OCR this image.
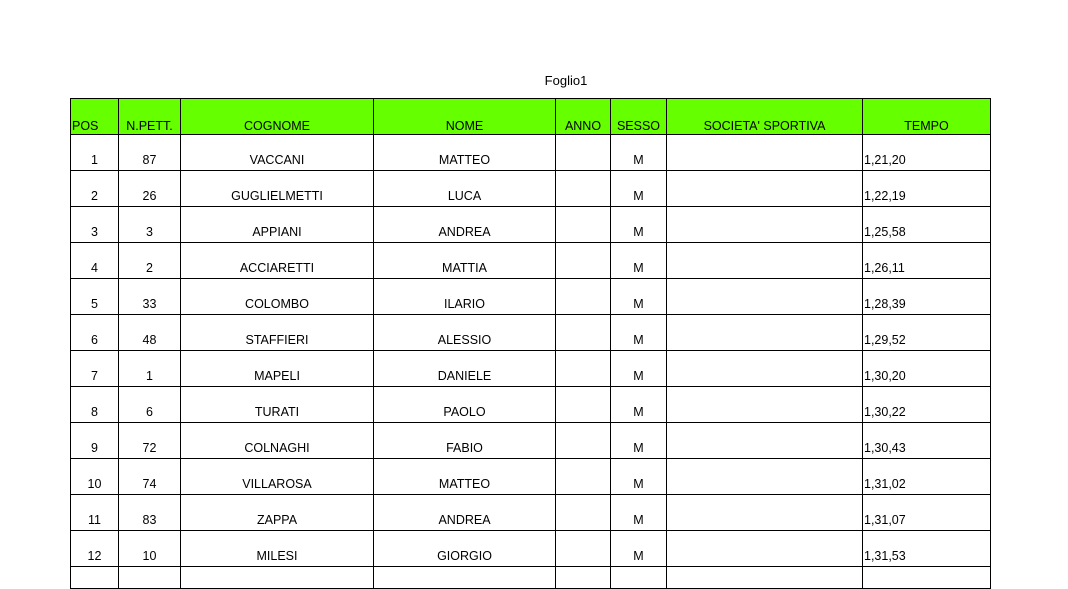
Foglio1
POS	N.PETT.	COGNOME	NOME	ANNO	SESSO	SOCIETA' SPORTIVA	TEMPO
1	87	VACCANI	MATTEO		M		1,21,20
2	26	GUGLIELMETTI	LUCA		M		1,22,19
3	3	APPIANI	ANDREA		M		1,25,58
4	2	ACCIARETTI	MATTIA		M		1,26,11
5	33	COLOMBO	ILARIO		M		1,28,39
6	48	STAFFIERI	ALESSIO		M		1,29,52
7	1	MAPELI	DANIELE		M		1,30,20
8	6	TURATI	PAOLO		M		1,30,22
9	72	COLNAGHI	FABIO		M		1,30,43
10	74	VILLAROSA	MATTEO		M		1,31,02
11	83	ZAPPA	ANDREA		M		1,31,07
12	10	MILESI	GIORGIO		M		1,31,53
